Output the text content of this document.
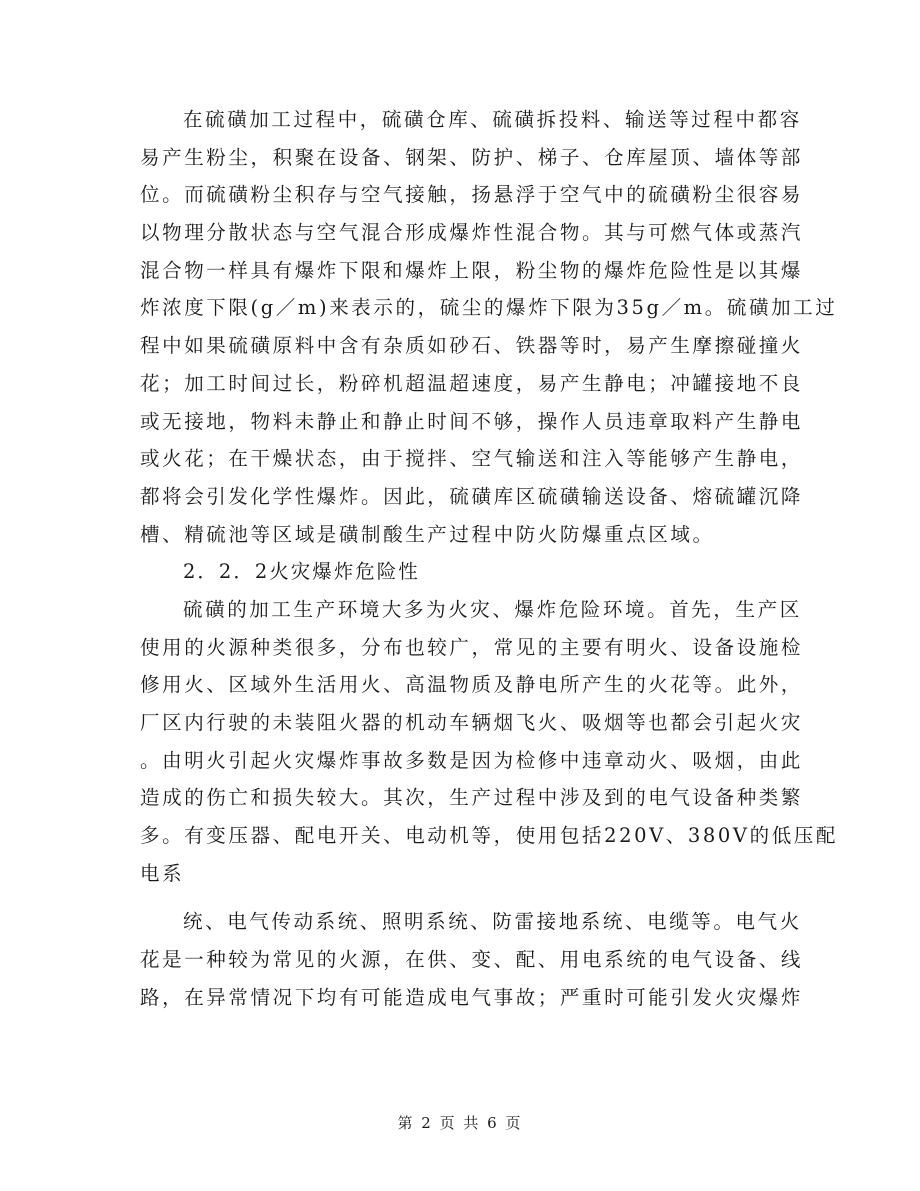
在硫磺加工过程中，硫磺仓库、硫磺拆投料、输送等过程中都容
易产生粉尘，积聚在设备、钢架、防护、梯子、仓库屋顶、墙体等部
位。而硫磺粉尘积存与空气接触，扬悬浮于空气中的硫磺粉尘很容易
以物理分散状态与空气混合形成爆炸性混合物。其与可燃气体或蒸汽
混合物一样具有爆炸下限和爆炸上限，粉尘物的爆炸危险性是以其爆
炸浓度下限(g／m)来表示的，硫尘的爆炸下限为35g／m。硫磺加工过
程中如果硫磺原料中含有杂质如砂石、铁器等时，易产生摩擦碰撞火
花；加工时间过长，粉碎机超温超速度，易产生静电；冲罐接地不良
或无接地，物料未静止和静止时间不够，操作人员违章取料产生静电
或火花；在干燥状态，由于搅拌、空气输送和注入等能够产生静电，
都将会引发化学性爆炸。因此，硫磺库区硫磺输送设备、熔硫罐沉降
槽、精硫池等区域是磺制酸生产过程中防火防爆重点区域。
2．2．2火灾爆炸危险性
硫磺的加工生产环境大多为火灾、爆炸危险环境。首先，生产区
使用的火源种类很多，分布也较广，常见的主要有明火、设备设施检
修用火、区域外生活用火、高温物质及静电所产生的火花等。此外，
厂区内行驶的未装阻火器的机动车辆烟飞火、吸烟等也都会引起火灾
。由明火引起火灾爆炸事故多数是因为检修中违章动火、吸烟，由此
造成的伤亡和损失较大。其次，生产过程中涉及到的电气设备种类繁
多。有变压器、配电开关、电动机等，使用包括220V、380V的低压配
电系
统、电气传动系统、照明系统、防雷接地系统、电缆等。电气火
花是一种较为常见的火源，在供、变、配、用电系统的电气设备、线
路，在异常情况下均有可能造成电气事故；严重时可能引发火灾爆炸
第 2 页 共 6 页
